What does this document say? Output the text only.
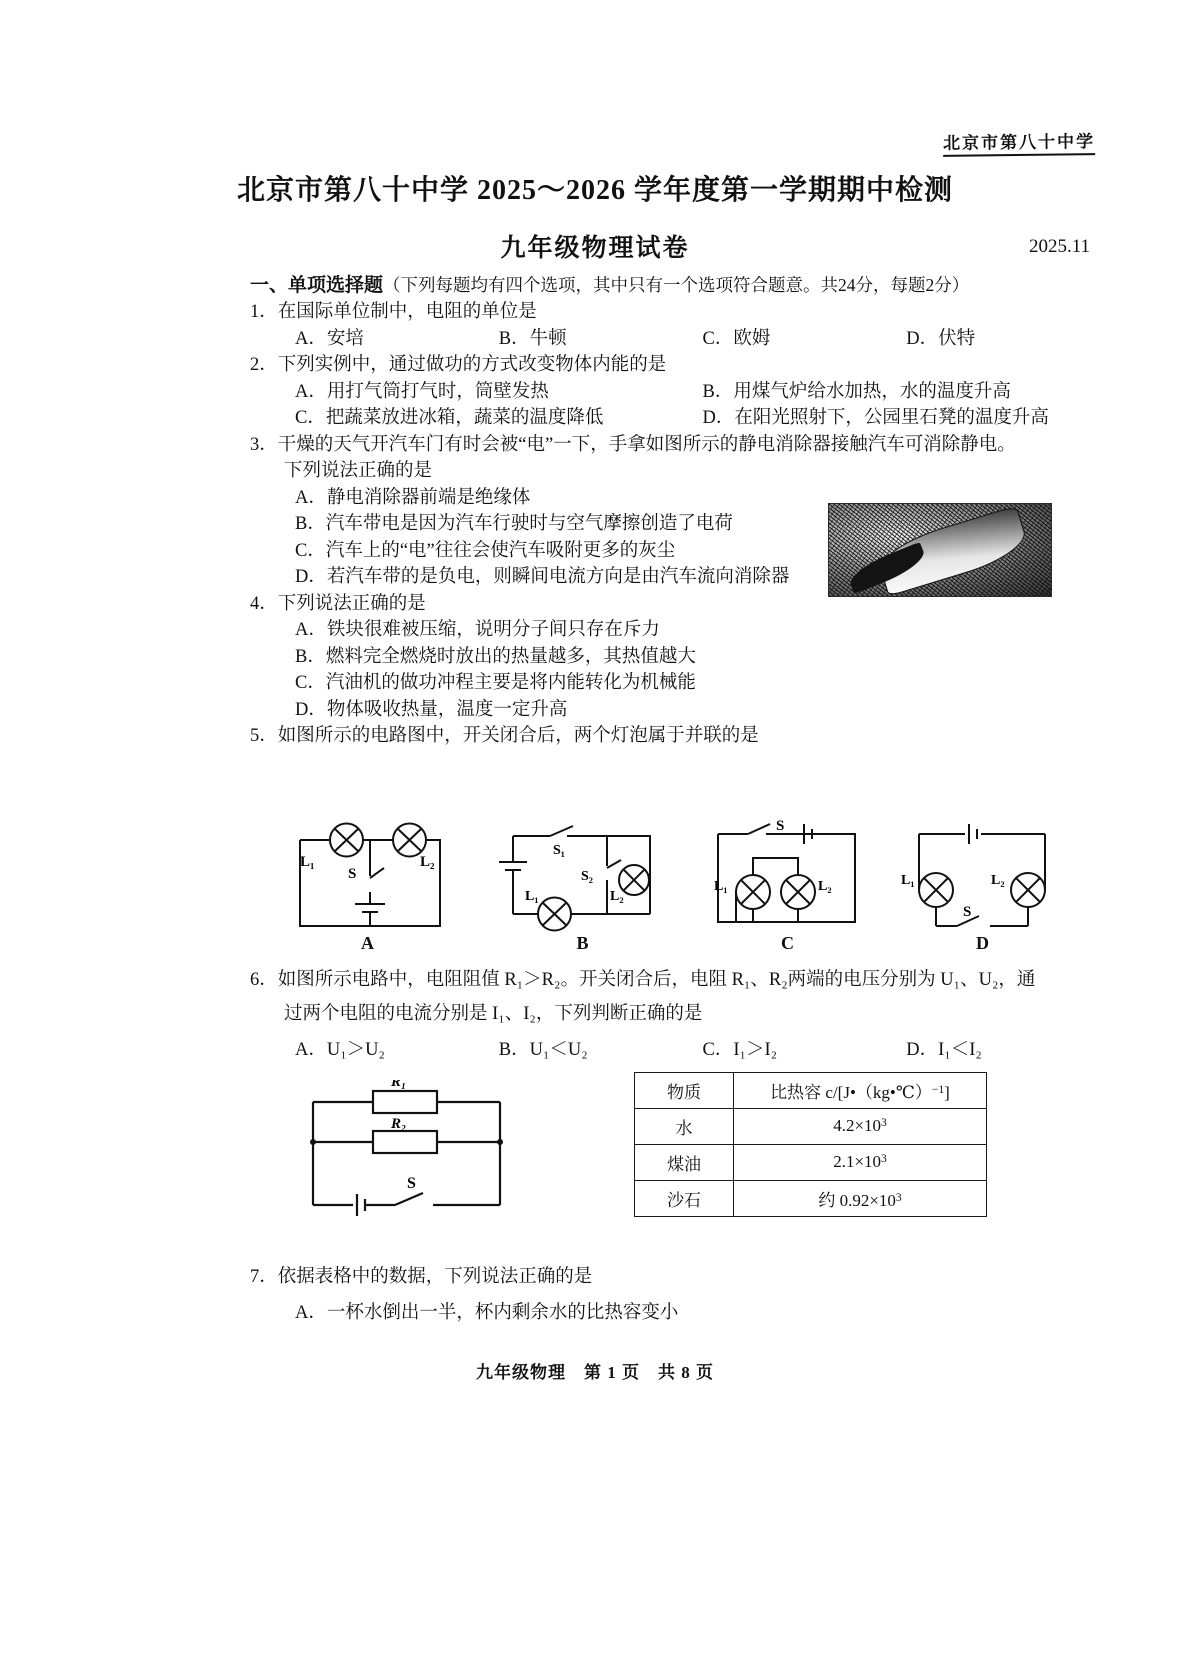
北京市第八十中学
北京市第八十中学 2025～2026 学年度第一学期期中检测
九年级物理试卷	2025.11
一、单项选择题（下列每题均有四个选项，其中只有一个选项符合题意。共24分，每题2分）
1．在国际单位制中，电阻的单位是
A．安培	B．牛顿	C．欧姆	D．伏特
2．下列实例中，通过做功的方式改变物体内能的是
A．用打气筒打气时，筒壁发热	B．用煤气炉给水加热，水的温度升高
C．把蔬菜放进冰箱，蔬菜的温度降低	D．在阳光照射下，公园里石凳的温度升高
3．干燥的天气开汽车门有时会被“电”一下，手拿如图所示的静电消除器接触汽车可消除静电。
下列说法正确的是
A．静电消除器前端是绝缘体
B．汽车带电是因为汽车行驶时与空气摩擦创造了电荷
C．汽车上的“电”往往会使汽车吸附更多的灰尘
D．若汽车带的是负电，则瞬间电流方向是由汽车流向消除器
4．下列说法正确的是
A．铁块很难被压缩，说明分子间只存在斥力
B．燃料完全燃烧时放出的热量越多，其热值越大
C．汽油机的做功冲程主要是将内能转化为机械能
D．物体吸收热量，温度一定升高
5．如图所示的电路图中，开关闭合后，两个灯泡属于并联的是
L₁	L₂
S
A
S₁
L₁
S₂
L₂
B
L₁	L₂
S
C
L₁	L₂
S
D
6．如图所示电路中，电阻阻值 R₁＞R₂。开关闭合后，电阻 R₁、R₂两端的电压分别为 U₁、U₂，通
过两个电阻的电流分别是 I₁、I₂，下列判断正确的是
A．U₁＞U₂	B．U₁＜U₂	C．I₁＞I₂	D．I₁＜I₂
R₁
R₂
S
物质	比热容 c/[J•（kg•℃）$^{-1}$]
水	$4.2\times 10^3$
煤油	$2.1\times 10^3$
沙石	约 $0.92\times 10^3$
7．依据表格中的数据，下列说法正确的是
A．一杯水倒出一半，杯内剩余水的比热容变小
九年级物理　第 1 页　共 8 页
